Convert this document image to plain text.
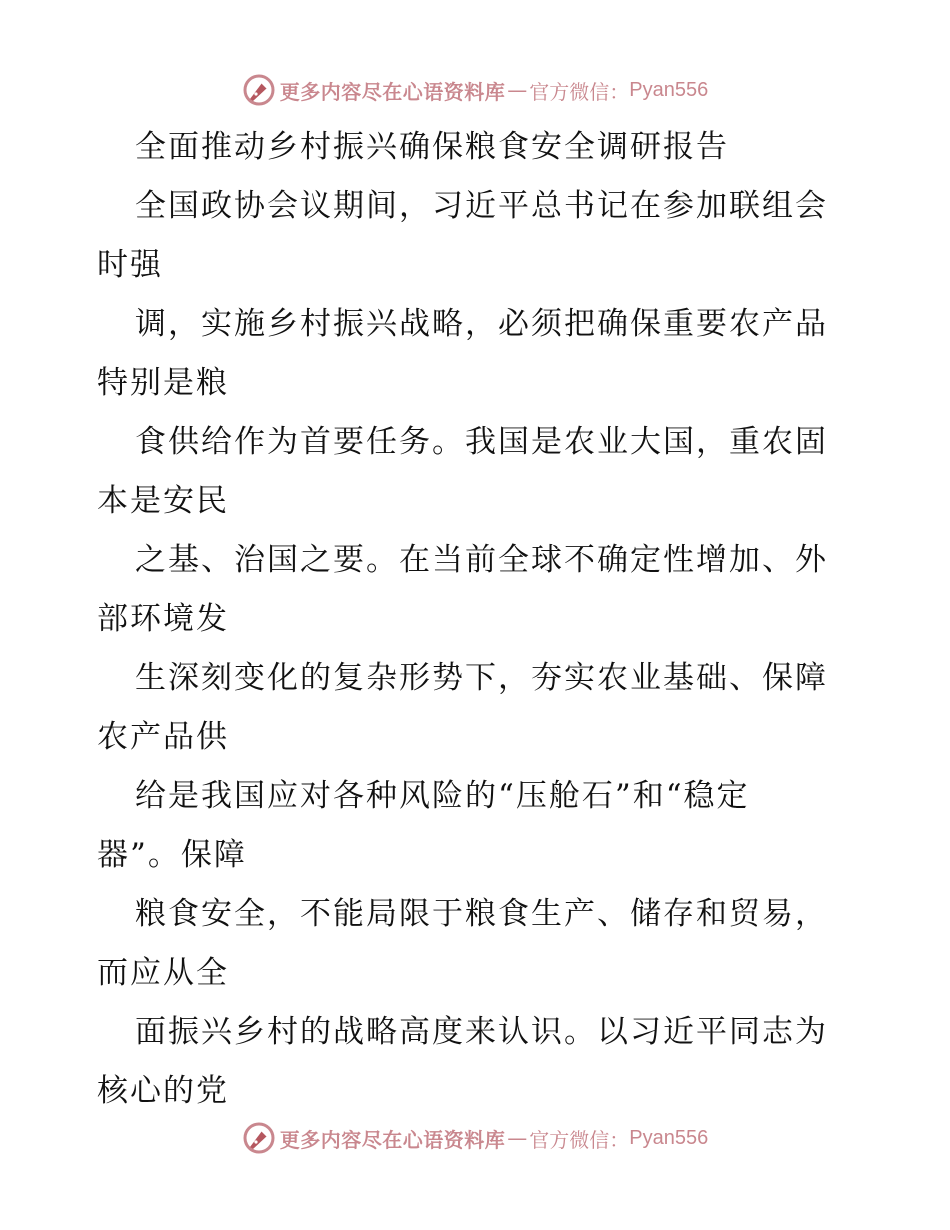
更多内容尽在心语资料库 — 官方微信： Pyan556
全面推动乡村振兴确保粮食安全调研报告
全国政协会议期间，习近平总书记在参加联组会
时强
调，实施乡村振兴战略，必须把确保重要农产品
特别是粮
食供给作为首要任务。我国是农业大国，重农固
本是安民
之基、治国之要。在当前全球不确定性增加、外
部环境发
生深刻变化的复杂形势下，夯实农业基础、保障
农产品供
给是我国应对各种风险的“压舱石”和“稳定
器”。保障
粮食安全，不能局限于粮食生产、储存和贸易，
而应从全
面振兴乡村的战略高度来认识。以习近平同志为
核心的党
更多内容尽在心语资料库 — 官方微信： Pyan556
